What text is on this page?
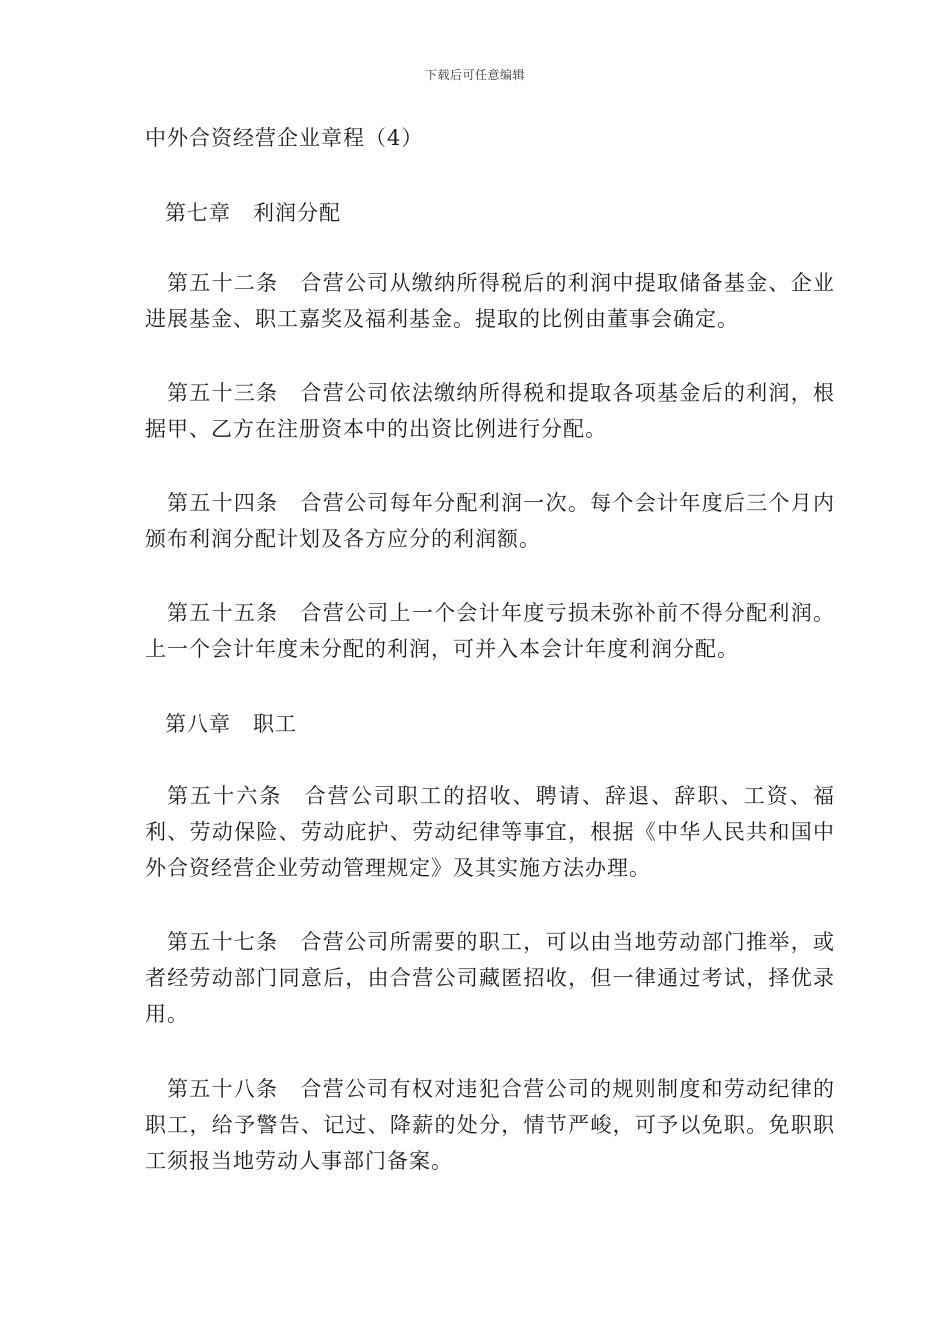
下载后可任意编辑
中外合资经营企业章程（4）
第七章　利润分配
第五十二条 合营公司从缴纳所得税后的利润中提取储备基金、企业进展基金、职工嘉奖及福利基金。提取的比例由董事会确定。
第五十三条 合营公司依法缴纳所得税和提取各项基金后的利润，根据甲、乙方在注册资本中的出资比例进行分配。
第五十四条 合营公司每年分配利润一次。每个会计年度后三个月内颁布利润分配计划及各方应分的利润额。
第五十五条 合营公司上一个会计年度亏损未弥补前不得分配利润。上一个会计年度未分配的利润，可并入本会计年度利润分配。
第八章　职工
第五十六条 合营公司职工的招收、聘请、辞退、辞职、工资、福利、劳动保险、劳动庇护、劳动纪律等事宜，根据《中华人民共和国中外合资经营企业劳动管理规定》及其实施方法办理。
第五十七条 合营公司所需要的职工，可以由当地劳动部门推举，或者经劳动部门同意后，由合营公司藏匿招收，但一律通过考试，择优录用。
第五十八条 合营公司有权对违犯合营公司的规则制度和劳动纪律的职工，给予警告、记过、降薪的处分，情节严峻，可予以免职。免职职工须报当地劳动人事部门备案。
